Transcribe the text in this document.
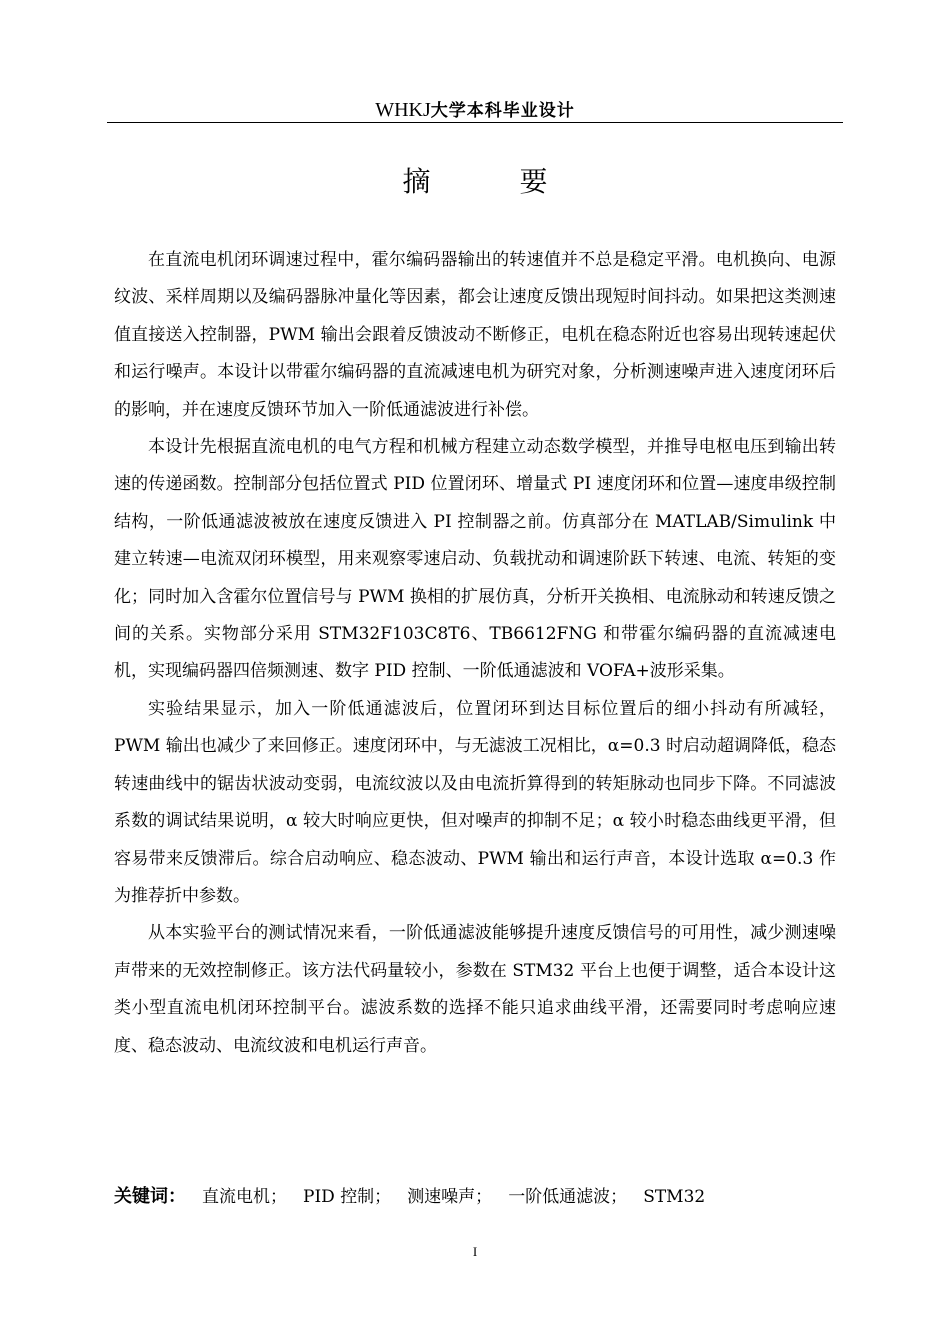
WHKJ大学本科毕业设计
摘 要

在直流电机闭环调速过程中，霍尔编码器输出的转速值并不总是稳定平滑。电机换向、电源纹波、采样周期以及编码器脉冲量化等因素，都会让速度反馈出现短时间抖动。如果把这类测速值直接送入控制器，PWM 输出会跟着反馈波动不断修正，电机在稳态附近也容易出现转速起伏和运行噪声。本设计以带霍尔编码器的直流减速电机为研究对象，分析测速噪声进入速度闭环后的影响，并在速度反馈环节加入一阶低通滤波进行补偿。

本设计先根据直流电机的电气方程和机械方程建立动态数学模型，并推导电枢电压到输出转速的传递函数。控制部分包括位置式 PID 位置闭环、增量式 PI 速度闭环和位置—速度串级控制结构，一阶低通滤波被放在速度反馈进入 PI 控制器之前。仿真部分在 MATLAB/Simulink 中建立转速—电流双闭环模型，用来观察零速启动、负载扰动和调速阶跃下转速、电流、转矩的变化；同时加入含霍尔位置信号与 PWM 换相的扩展仿真，分析开关换相、电流脉动和转速反馈之间的关系。实物部分采用 STM32F103C8T6、TB6612FNG 和带霍尔编码器的直流减速电机，实现编码器四倍频测速、数字 PID 控制、一阶低通滤波和 VOFA+波形采集。

实验结果显示，加入一阶低通滤波后，位置闭环到达目标位置后的细小抖动有所减轻，PWM 输出也减少了来回修正。速度闭环中，与无滤波工况相比，α=0.3 时启动超调降低，稳态转速曲线中的锯齿状波动变弱，电流纹波以及由电流折算得到的转矩脉动也同步下降。不同滤波系数的调试结果说明，α 较大时响应更快，但对噪声的抑制不足；α 较小时稳态曲线更平滑，但容易带来反馈滞后。综合启动响应、稳态波动、PWM 输出和运行声音，本设计选取 α=0.3 作为推荐折中参数。

从本实验平台的测试情况来看，一阶低通滤波能够提升速度反馈信号的可用性，减少测速噪声带来的无效控制修正。该方法代码量较小，参数在 STM32 平台上也便于调整，适合本设计这类小型直流电机闭环控制平台。滤波系数的选择不能只追求曲线平滑，还需要同时考虑响应速度、稳态波动、电流纹波和电机运行声音。

关键词： 直流电机； PID 控制； 测速噪声； 一阶低通滤波； STM32
I
